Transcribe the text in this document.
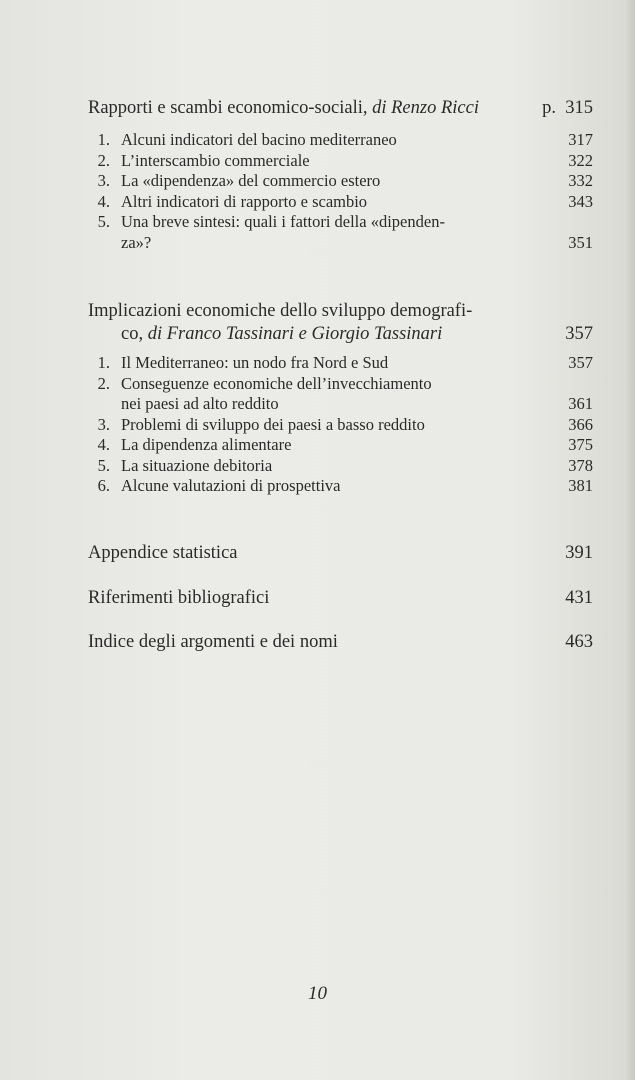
Rapporti e scambi economico-sociali, di Renzo Ricci	p. 315
1. Alcuni indicatori del bacino mediterraneo	317
2. L’interscambio commerciale	322
3. La «dipendenza» del commercio estero	332
4. Altri indicatori di rapporto e scambio	343
5. Una breve sintesi: quali i fattori della «dipenden-
za»?	351
Implicazioni economiche dello sviluppo demografi-
co, di Franco Tassinari e Giorgio Tassinari	357
1. Il Mediterraneo: un nodo fra Nord e Sud	357
2. Conseguenze economiche dell’invecchiamento
nei paesi ad alto reddito	361
3. Problemi di sviluppo dei paesi a basso reddito	366
4. La dipendenza alimentare	375
5. La situazione debitoria	378
6. Alcune valutazioni di prospettiva	381
Appendice statistica	391
Riferimenti bibliografici	431
Indice degli argomenti e dei nomi	463
10
